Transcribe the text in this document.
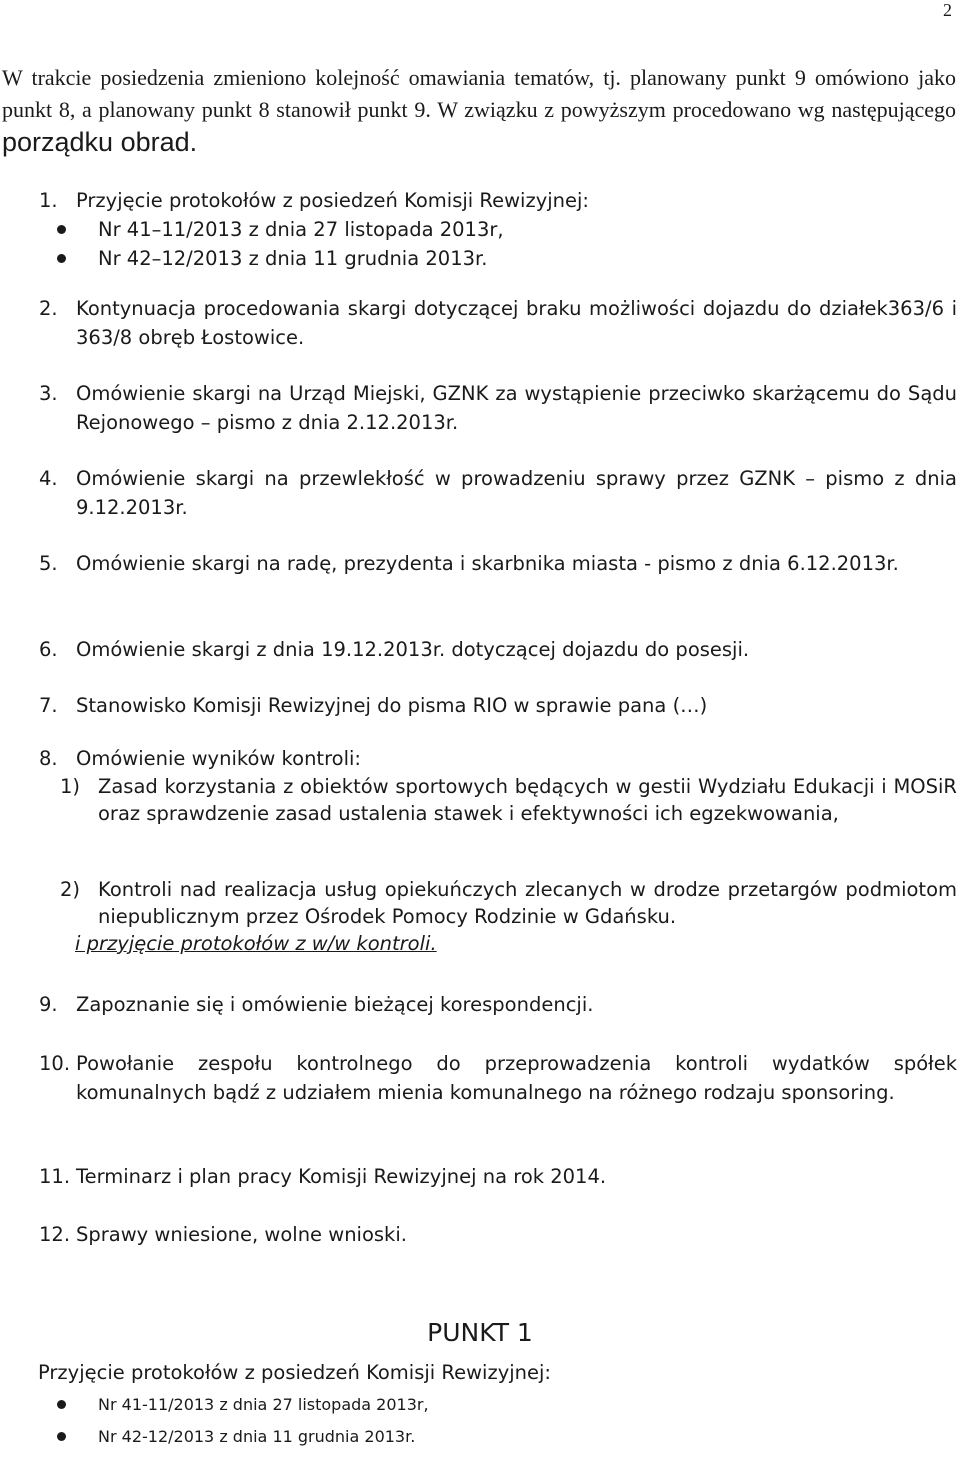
2
W trakcie posiedzenia zmieniono kolejność omawiania tematów, tj. planowany punkt 9 omówiono jako punkt 8, a planowany punkt 8 stanowił punkt 9. W związku z powyższym procedowano wg następującego porządku obrad.
1. Przyjęcie protokołów z posiedzeń Komisji Rewizyjnej:
Nr 41–11/2013 z dnia 27 listopada 2013r,
Nr 42–12/2013 z dnia 11 grudnia 2013r.
2. Kontynuacja procedowania skargi dotyczącej braku możliwości dojazdu do działek363/6 i 363/8 obręb Łostowice.
3. Omówienie skargi na Urząd Miejski, GZNK za wystąpienie przeciwko skarżącemu do Sądu Rejonowego – pismo z dnia 2.12.2013r.
4. Omówienie skargi na przewlekłość w prowadzeniu sprawy przez GZNK – pismo z dnia 9.12.2013r.
5. Omówienie skargi na radę, prezydenta i skarbnika miasta - pismo z dnia 6.12.2013r.
6. Omówienie skargi z dnia 19.12.2013r. dotyczącej dojazdu do posesji.
7. Stanowisko Komisji Rewizyjnej do pisma RIO w sprawie pana (…)
8. Omówienie wyników kontroli:
1) Zasad korzystania z obiektów sportowych będących w gestii Wydziału Edukacji i MOSiR oraz sprawdzenie zasad ustalenia stawek i efektywności ich egzekwowania,
2) Kontroli nad realizacja usług opiekuńczych zlecanych w drodze przetargów podmiotom niepublicznym przez Ośrodek Pomocy Rodzinie w Gdańsku.
i przyjęcie protokołów z w/w kontroli.
9. Zapoznanie się i omówienie bieżącej korespondencji.
10. Powołanie zespołu kontrolnego do przeprowadzenia kontroli wydatków spółek komunalnych bądź z udziałem mienia komunalnego na różnego rodzaju sponsoring.
11. Terminarz i plan pracy Komisji Rewizyjnej na rok 2014.
12. Sprawy wniesione, wolne wnioski.
PUNKT 1
Przyjęcie protokołów z posiedzeń Komisji Rewizyjnej:
Nr 41-11/2013 z dnia 27 listopada 2013r,
Nr 42-12/2013 z dnia 11 grudnia 2013r.
